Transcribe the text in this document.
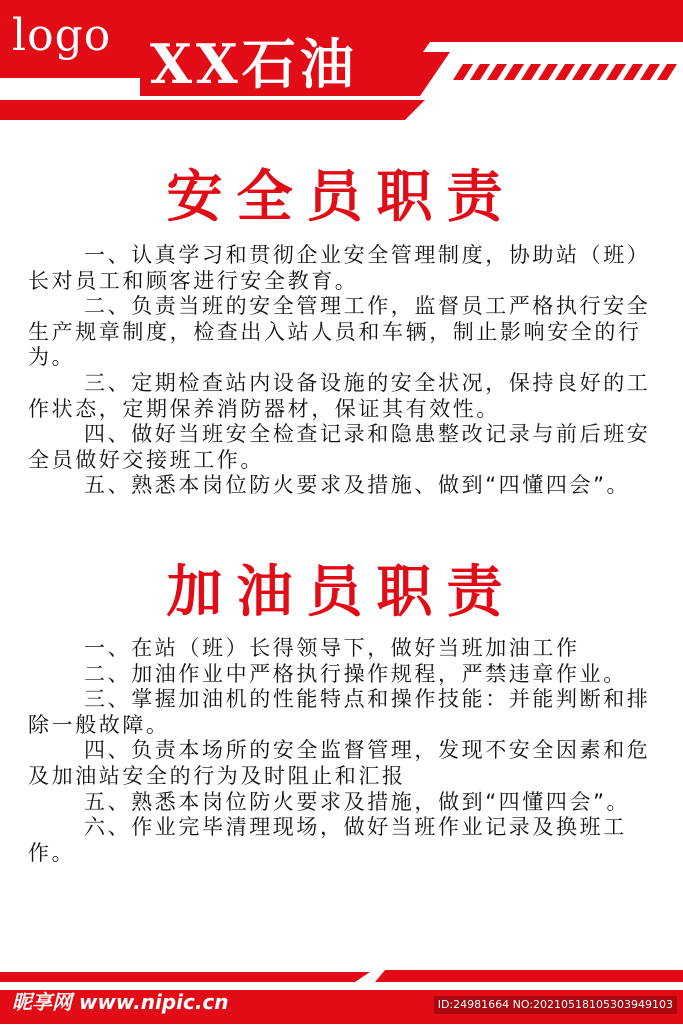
logo XX石油
安全员职责

一、认真学习和贯彻企业安全管理制度，协助站（班）长对员工和顾客进行安全教育。

二、负责当班的安全管理工作，监督员工严格执行安全生产规章制度，检查出入站人员和车辆，制止影响安全的行为。

三、定期检查站内设备设施的安全状况，保持良好的工作状态，定期保养消防器材，保证其有效性。

四、做好当班安全检查记录和隐患整改记录与前后班安全员做好交接班工作。

五、熟悉本岗位防火要求及措施、做到“四懂四会”。

加油员职责

一、在站（班）长得领导下，做好当班加油工作

二、加油作业中严格执行操作规程，严禁违章作业。

三、掌握加油机的性能特点和操作技能：并能判断和排除一般故障。

四、负责本场所的安全监督管理，发现不安全因素和危及加油站安全的行为及时阻止和汇报

五、熟悉本岗位防火要求及措施，做到“四懂四会”。

六、作业完毕清理现场，做好当班作业记录及换班工作。

昵享网 www.nipic.cn	ID:24981664 NO:20210518105303949103
